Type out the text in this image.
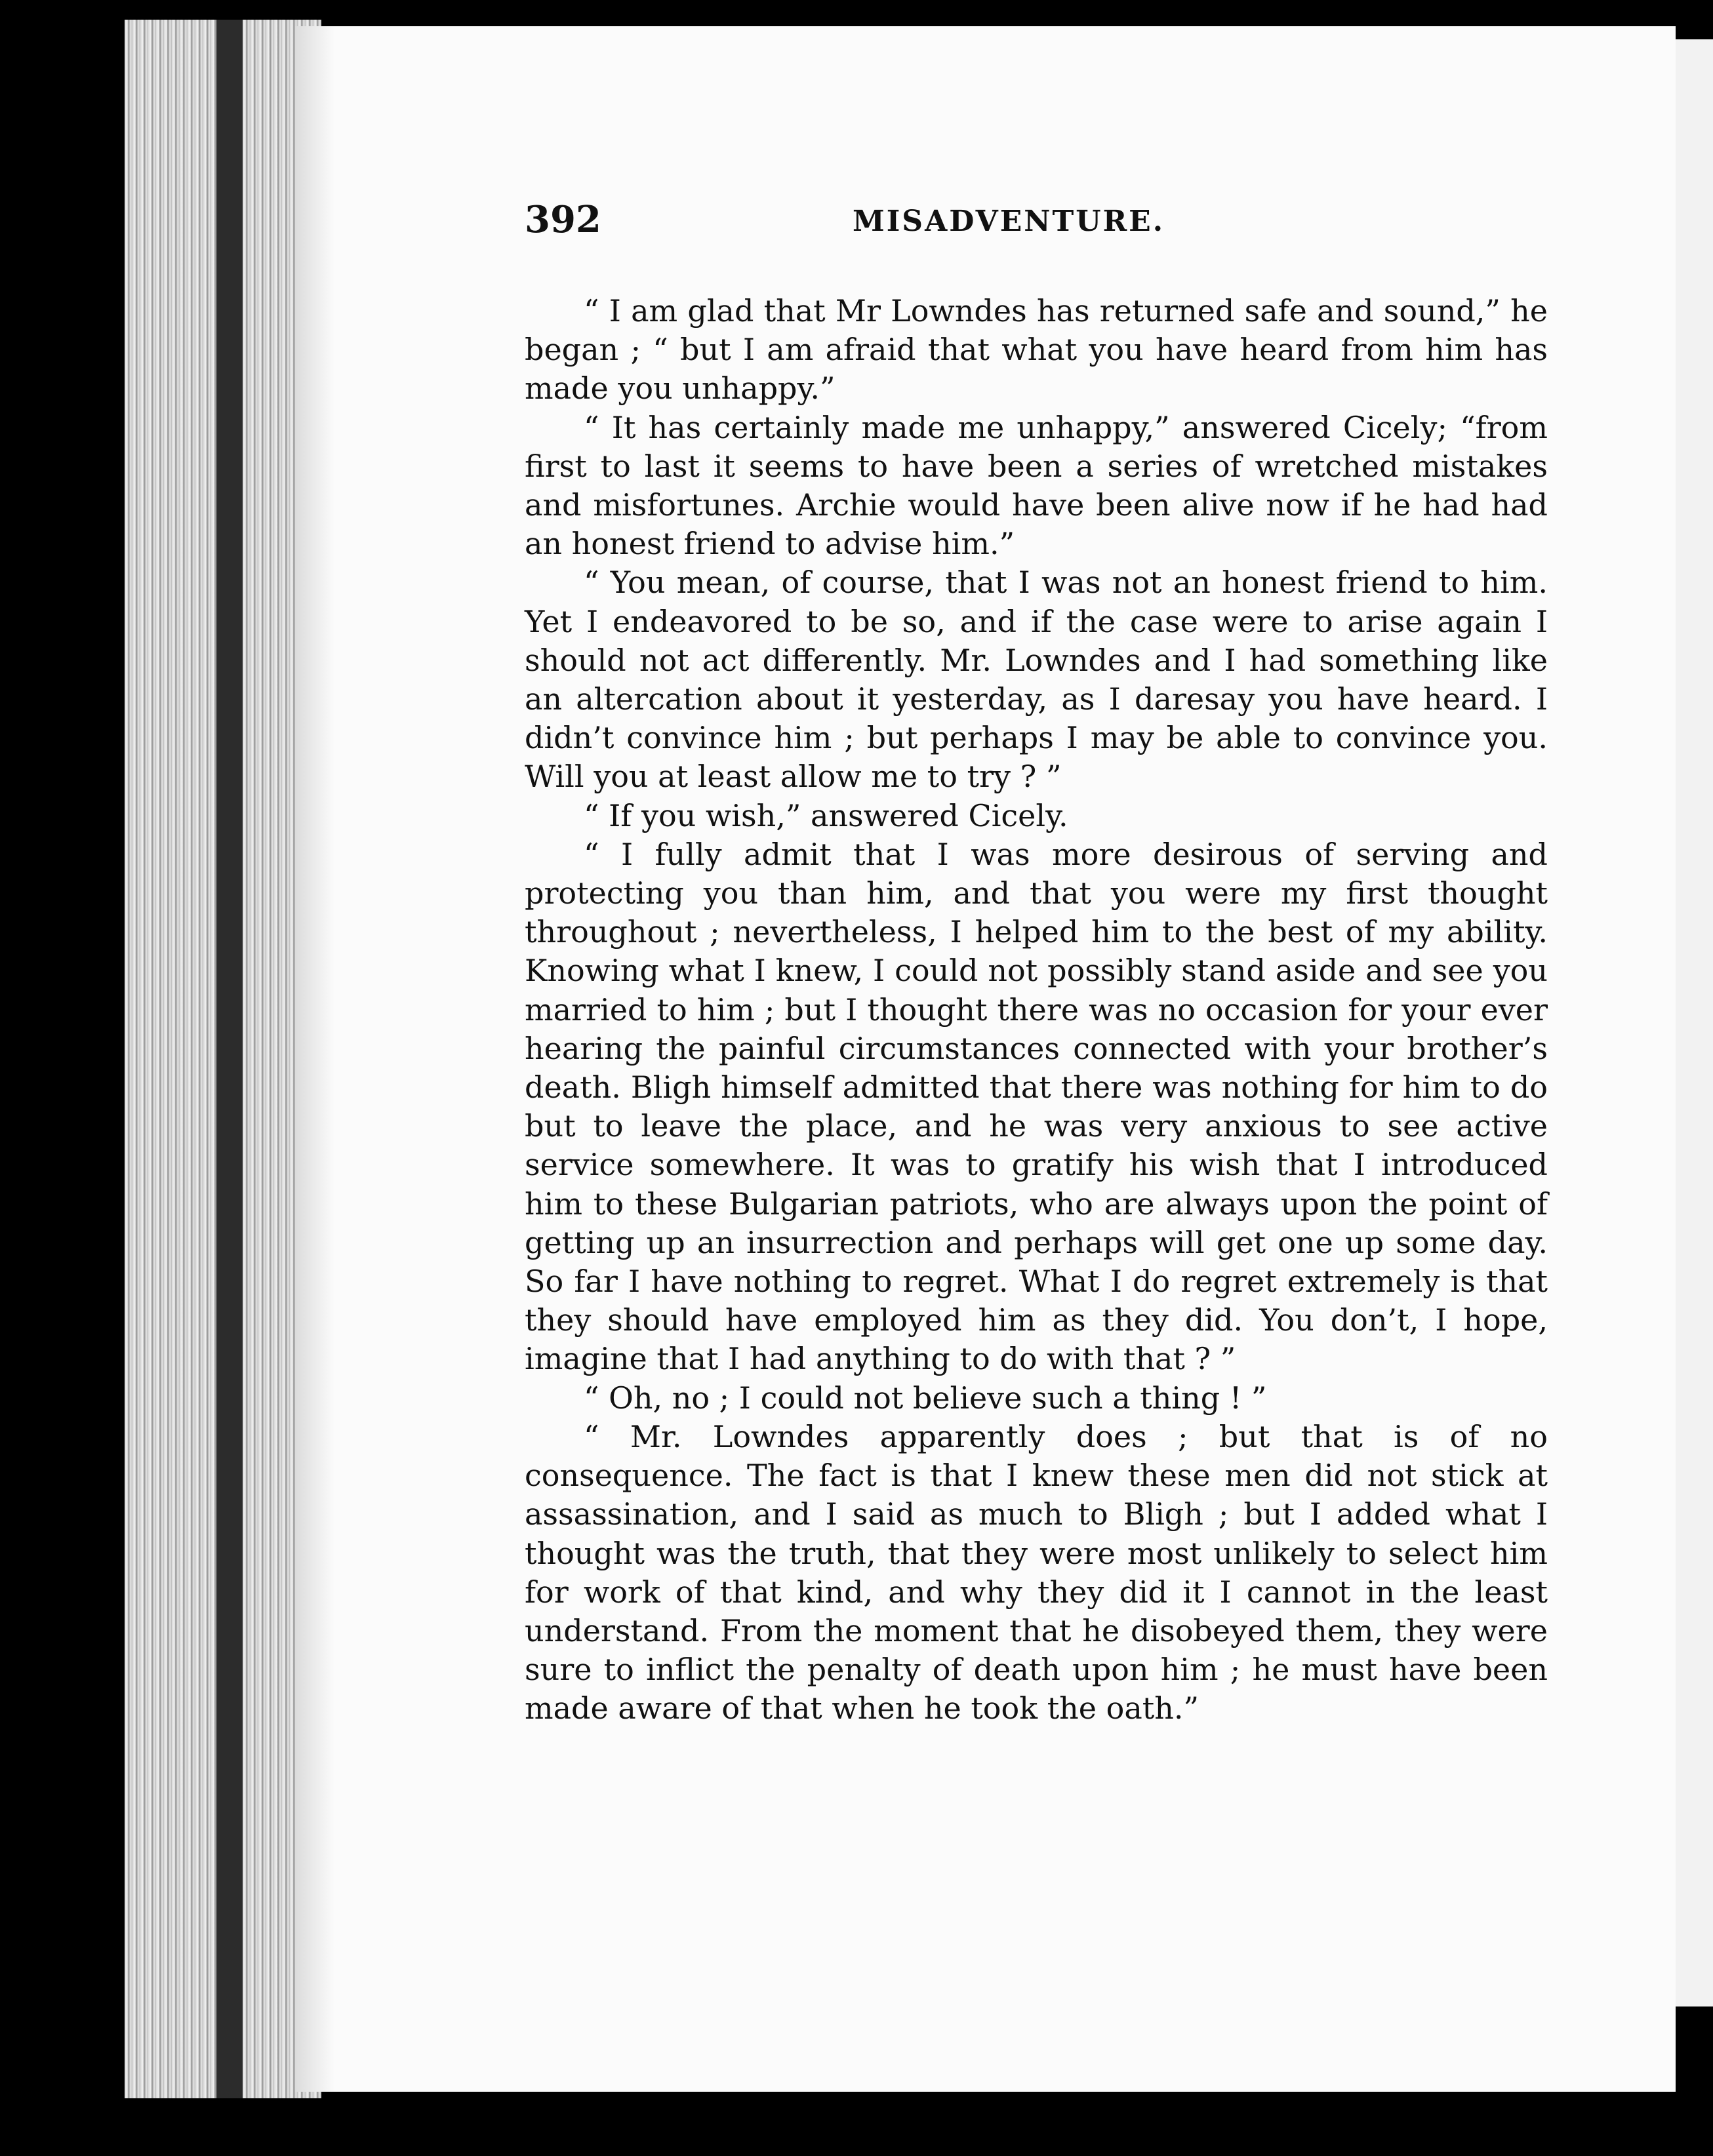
392	MISADVENTURE.

“ I am glad that Mr Lowndes has returned safe and sound,” he began ; “ but I am afraid that what you have heard from him has made you unhappy.”

“ It has certainly made me unhappy,” answered Cicely; “from first to last it seems to have been a series of wretched mistakes and misfortunes. Archie would have been alive now if he had had an honest friend to advise him.”

“ You mean, of course, that I was not an honest friend to him. Yet I endeavored to be so, and if the case were to arise again I should not act differently. Mr. Lowndes and I had something like an altercation about it yesterday, as I daresay you have heard. I didn’t convince him ; but perhaps I may be able to convince you. Will you at least allow me to try ? ”

“ If you wish,” answered Cicely.

“ I fully admit that I was more desirous of serving and protecting you than him, and that you were my first thought throughout ; nevertheless, I helped him to the best of my ability. Knowing what I knew, I could not possibly stand aside and see you married to him ; but I thought there was no occasion for your ever hearing the painful circumstances connected with your brother’s death. Bligh himself admitted that there was nothing for him to do but to leave the place, and he was very anxious to see active service somewhere. It was to gratify his wish that I introduced him to these Bulgarian patriots, who are always upon the point of getting up an insurrection and perhaps will get one up some day. So far I have nothing to regret. What I do regret extremely is that they should have employed him as they did. You don’t, I hope, imagine that I had anything to do with that ? ”

“ Oh, no ; I could not believe such a thing ! ”

“ Mr. Lowndes apparently does ; but that is of no consequence. The fact is that I knew these men did not stick at assassination, and I said as much to Bligh ; but I added what I thought was the truth, that they were most unlikely to select him for work of that kind, and why they did it I cannot in the least understand. From the moment that he disobeyed them, they were sure to inflict the penalty of death upon him ; he must have been made aware of that when he took the oath.”
